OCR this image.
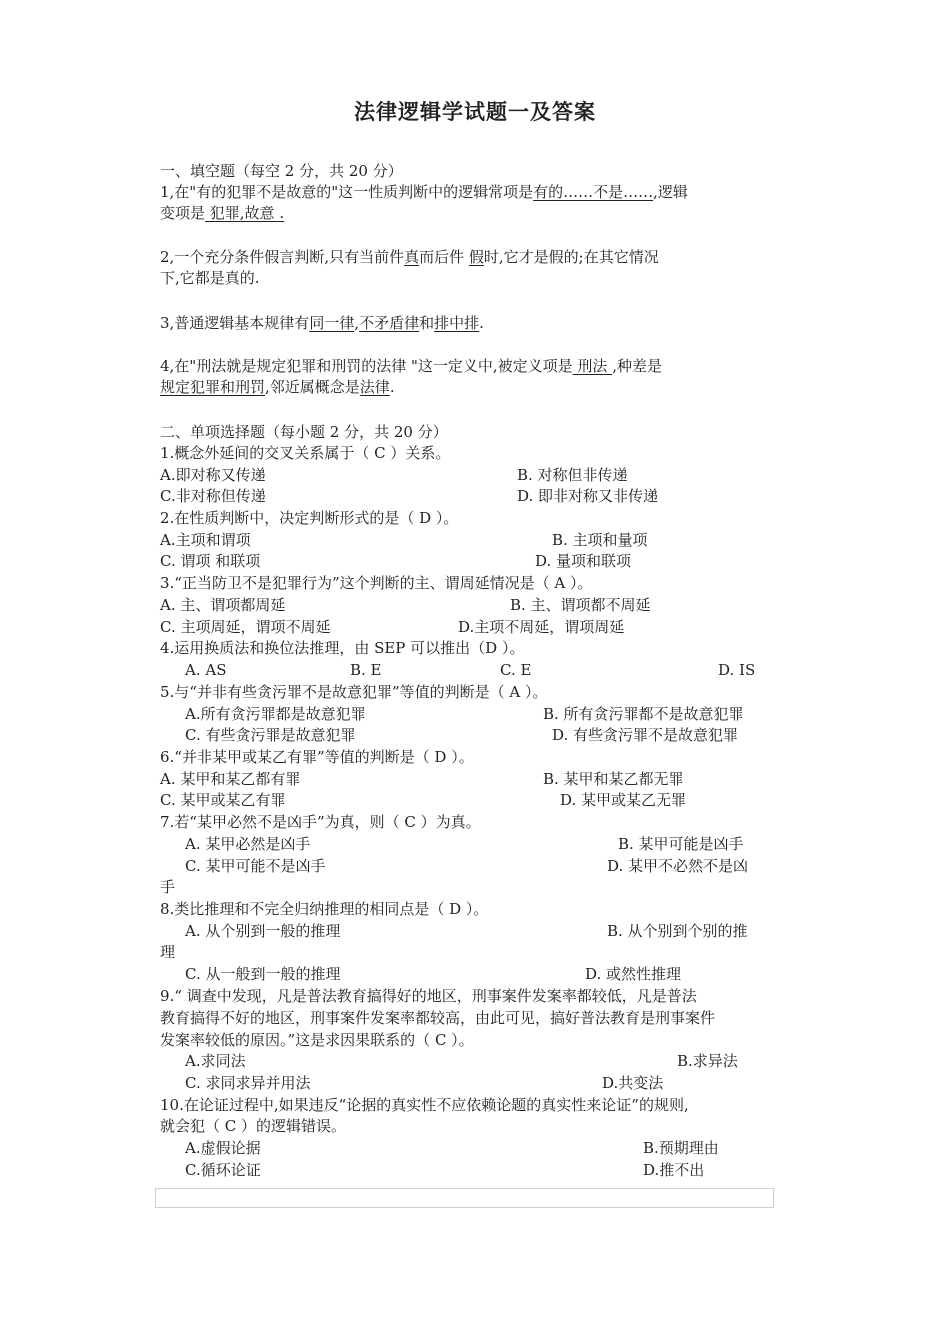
法律逻辑学试题一及答案
一、填空题（每空 2 分，共 20 分）
1,在"有的犯罪不是故意的"这一性质判断中的逻辑常项是有的……不是……,逻辑
变项是 犯罪,故意 .
2,一个充分条件假言判断,只有当前件真而后件 假时,它才是假的;在其它情况
下,它都是真的.
3,普通逻辑基本规律有同一律,不矛盾律和排中排.
4,在"刑法就是规定犯罪和刑罚的法律 "这一定义中,被定义项是 刑法 ,种差是
规定犯罪和刑罚,邻近属概念是法律.
二、单项选择题（每小题 2 分，共 20 分）
1.概念外延间的交叉关系属于（ C ）关系。
A.即对称又传递	B. 对称但非传递
C.非对称但传递	D. 即非对称又非传递
2.在性质判断中，决定判断形式的是（ D ）。
A.主项和谓项	B. 主项和量项
C. 谓项 和联项	D. 量项和联项
3.“正当防卫不是犯罪行为”这个判断的主、谓周延情况是（ A ）。
A. 主、谓项都周延	B. 主、谓项都不周延
C. 主项周延，谓项不周延	D.主项不周延，谓项周延
4.运用换质法和换位法推理，由 SEP 可以推出（D ）。
A. AS	B. E	C. E	D. IS
5.与“并非有些贪污罪不是故意犯罪”等值的判断是（ A ）。
A.所有贪污罪都是故意犯罪	B. 所有贪污罪都不是故意犯罪
C. 有些贪污罪是故意犯罪	D. 有些贪污罪不是故意犯罪
6.“并非某甲或某乙有罪”等值的判断是（ D ）。
A. 某甲和某乙都有罪	B. 某甲和某乙都无罪
C. 某甲或某乙有罪	D. 某甲或某乙无罪
7.若“某甲必然不是凶手”为真，则（ C ）为真。
A. 某甲必然是凶手	B. 某甲可能是凶手
C. 某甲可能不是凶手	D. 某甲不必然不是凶
手
8.类比推理和不完全归纳推理的相同点是（ D ）。
A. 从个别到一般的推理	B. 从个别到个别的推
理
C. 从一般到一般的推理	D. 或然性推理
9.“ 调查中发现，凡是普法教育搞得好的地区，刑事案件发案率都较低，凡是普法
教育搞得不好的地区，刑事案件发案率都较高，由此可见，搞好普法教育是刑事案件
发案率较低的原因。”这是求因果联系的（ C ）。
A.求同法	B.求异法
C. 求同求异并用法	D.共变法
10.在论证过程中,如果违反“论据的真实性不应依赖论题的真实性来论证”的规则,
就会犯（ C ）的逻辑错误。
A.虚假论据	B.预期理由
C.循环论证	D.推不出
